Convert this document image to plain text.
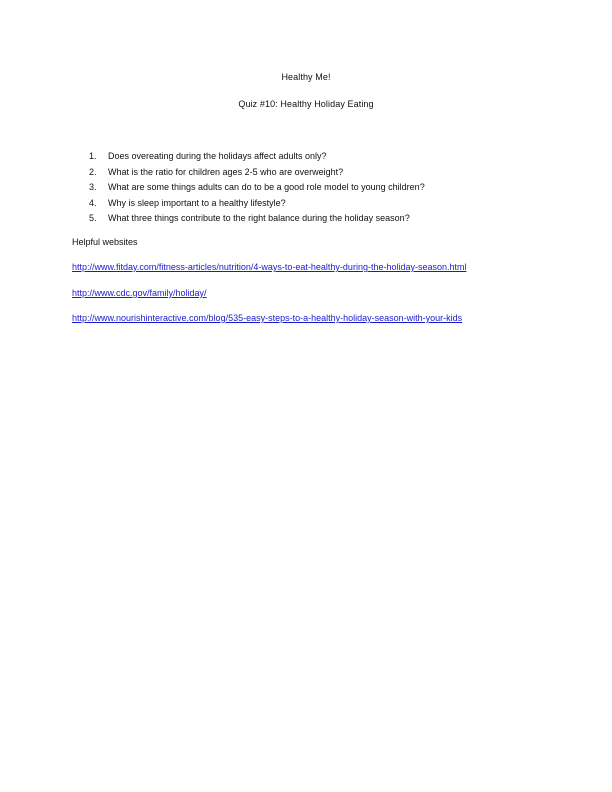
Healthy Me!
Quiz #10: Healthy Holiday Eating
1. Does overeating during the holidays affect adults only?
2. What is the ratio for children ages 2-5 who are overweight?
3. What are some things adults can do to be a good role model to young children?
4. Why is sleep important to a healthy lifestyle?
5. What three things contribute to the right balance during the holiday season?
Helpful websites
http://www.fitday.com/fitness-articles/nutrition/4-ways-to-eat-healthy-during-the-holiday-season.html
http://www.cdc.gov/family/holiday/
http://www.nourishinteractive.com/blog/535-easy-steps-to-a-healthy-holiday-season-with-your-kids
